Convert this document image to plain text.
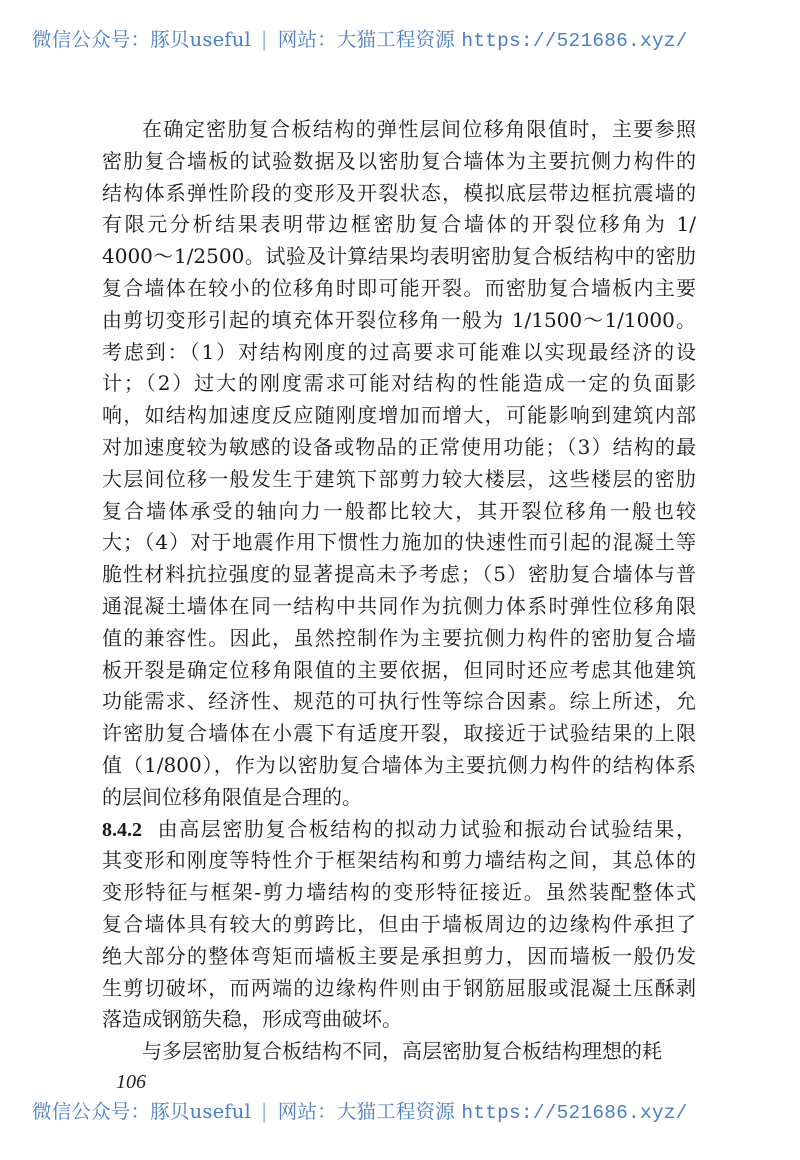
微信公众号：豚贝useful | 网站：大猫工程资源 https://521686.xyz/
在确定密肋复合板结构的弹性层间位移角限值时，主要参照
密肋复合墙板的试验数据及以密肋复合墙体为主要抗侧力构件的
结构体系弹性阶段的变形及开裂状态，模拟底层带边框抗震墙的
有限元分析结果表明带边框密肋复合墙体的开裂位移角为 1/
4000～1/2500。试验及计算结果均表明密肋复合板结构中的密肋
复合墙体在较小的位移角时即可能开裂。而密肋复合墙板内主要
由剪切变形引起的填充体开裂位移角一般为 1/1500～1/1000。
考虑到：（1）对结构刚度的过高要求可能难以实现最经济的设
计；（2）过大的刚度需求可能对结构的性能造成一定的负面影
响，如结构加速度反应随刚度增加而增大，可能影响到建筑内部
对加速度较为敏感的设备或物品的正常使用功能；（3）结构的最
大层间位移一般发生于建筑下部剪力较大楼层，这些楼层的密肋
复合墙体承受的轴向力一般都比较大，其开裂位移角一般也较
大；（4）对于地震作用下惯性力施加的快速性而引起的混凝土等
脆性材料抗拉强度的显著提高未予考虑；（5）密肋复合墙体与普
通混凝土墙体在同一结构中共同作为抗侧力体系时弹性位移角限
值的兼容性。因此，虽然控制作为主要抗侧力构件的密肋复合墙
板开裂是确定位移角限值的主要依据，但同时还应考虑其他建筑
功能需求、经济性、规范的可执行性等综合因素。综上所述，允
许密肋复合墙体在小震下有适度开裂，取接近于试验结果的上限
值（1/800），作为以密肋复合墙体为主要抗侧力构件的结构体系
的层间位移角限值是合理的。
8.4.2 由高层密肋复合板结构的拟动力试验和振动台试验结果，
其变形和刚度等特性介于框架结构和剪力墙结构之间，其总体的
变形特征与框架-剪力墙结构的变形特征接近。虽然装配整体式
复合墙体具有较大的剪跨比，但由于墙板周边的边缘构件承担了
绝大部分的整体弯矩而墙板主要是承担剪力，因而墙板一般仍发
生剪切破坏，而两端的边缘构件则由于钢筋屈服或混凝土压酥剥
落造成钢筋失稳，形成弯曲破坏。
与多层密肋复合板结构不同，高层密肋复合板结构理想的耗
106
微信公众号：豚贝useful | 网站：大猫工程资源 https://521686.xyz/
